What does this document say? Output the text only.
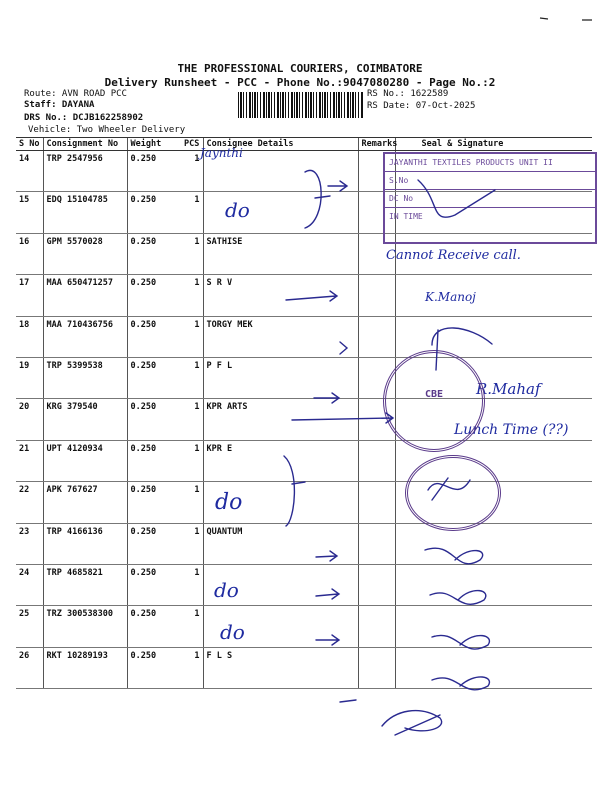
THE PROFESSIONAL COURIERS, COIMBATORE
Delivery Runsheet - PCC - Phone No.:9047080280 - Page No.:2
Route: AVN ROAD PCC
Staff: DAYANA
DRS No.: DCJB162258902
Vehicle: Two Wheeler Delivery
RS No.: 1622589
RS Date: 07-Oct-2025
S No	Consignment No	Weight	PCS	Consignee Details	Remarks	Seal & Signature
14	TRP 2547956	0.250	1			
15	EDQ 15104785	0.250	1			
16	GPM 5570028	0.250	1	SATHISE		
17	MAA 650471257	0.250	1	S R V		
18	MAA 710436756	0.250	1	TORGY MEK		
19	TRP 5399538	0.250	1	P F L		
20	KRG 379540	0.250	1	KPR ARTS		
21	UPT 4120934	0.250	1	KPR E		
22	APK 767627	0.250	1			
23	TRP 4166136	0.250	1	QUANTUM		
24	TRP 4685821	0.250	1			
25	TRZ 300538300	0.250	1			
26	RKT 10289193	0.250	1	F L S		
Jaynthi
do
Cannot Receive call.
K.Manoj
R.Mahaf
Lunch Time (??)
do
do
do
JAYANTHI TEXTILES PRODUCTS UNIT II
S.No
DC No
IN TIME
CBE
